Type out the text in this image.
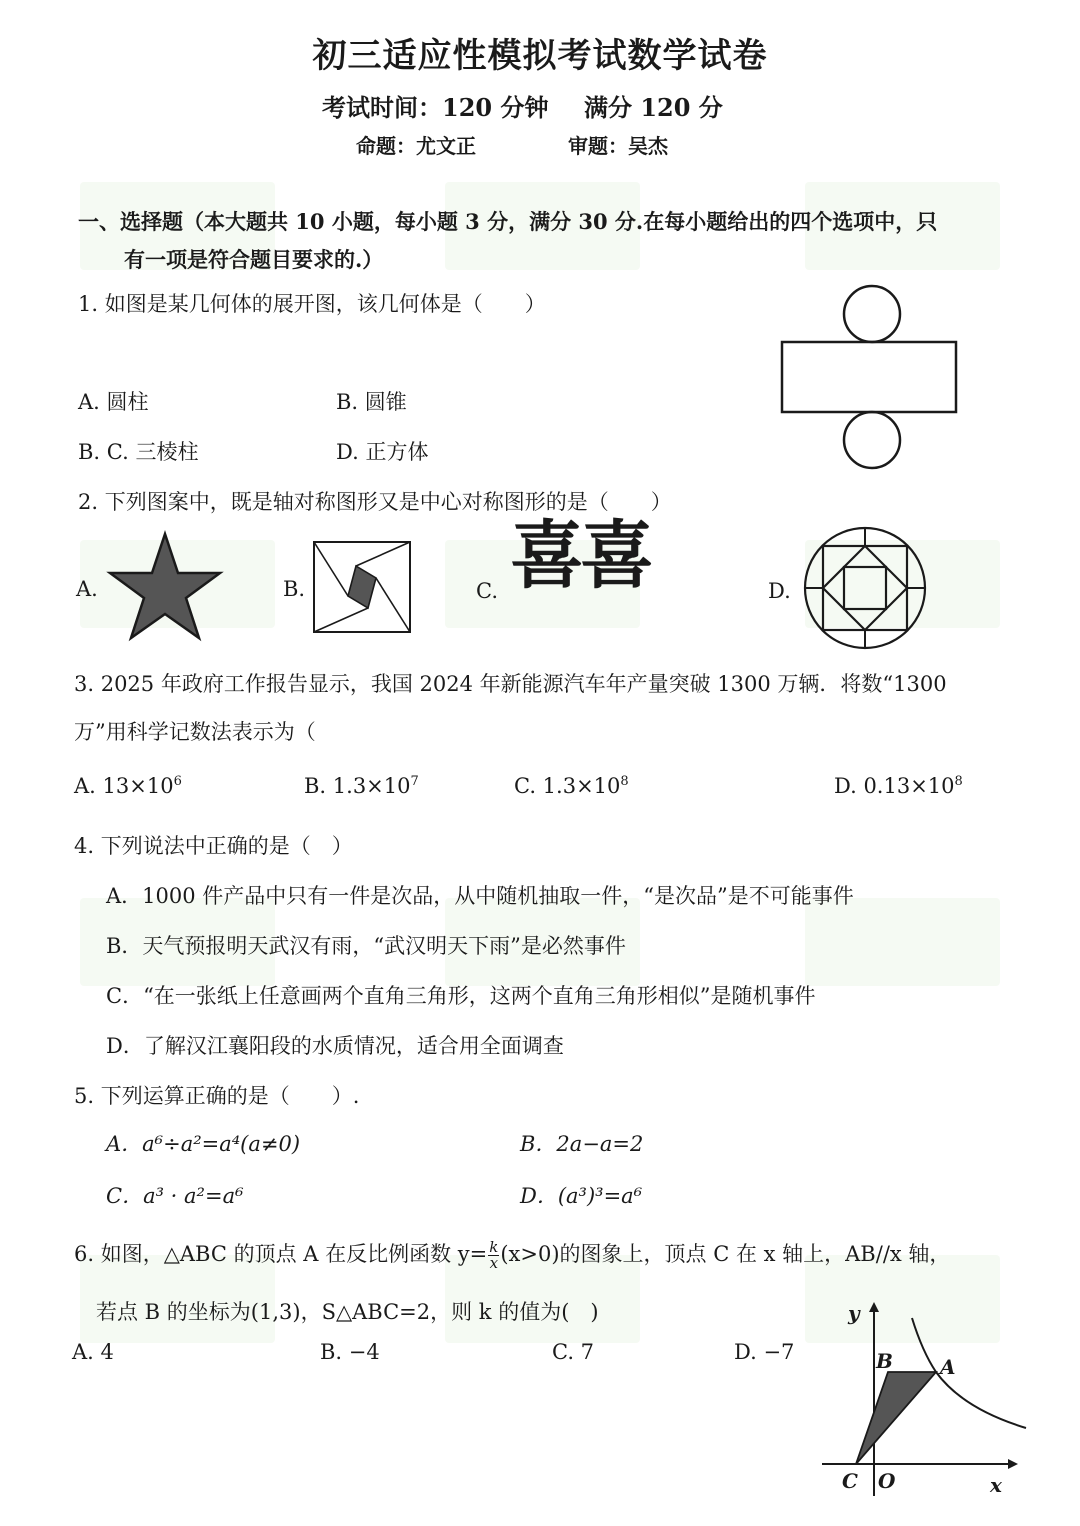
初三适应性模拟考试数学试卷
考试时间：120 分钟 满分 120 分
命题：尤文正	审题：吴杰
一、选择题（本大题共 10 小题，每小题 3 分，满分 30 分.在每小题给出的四个选项中，只
有一项是符合题目要求的.）
1. 如图是某几何体的展开图，该几何体是（　　）
A. 圆柱	B. 圆锥
B. C. 三棱柱	D. 正方体
2. 下列图案中，既是轴对称图形又是中心对称图形的是（　　）
A.	B.	C. 喜喜	D.
3. 2025 年政府工作报告显示，我国 2024 年新能源汽车年产量突破 1300 万辆．将数“1300
万”用科学记数法表示为（
A. $13\times 10^6$	B. $1.3\times 10^7$	C. $1.3\times 10^8$	D. $0.13\times 10^8$
4. 下列说法中正确的是（　）
A．1000 件产品中只有一件是次品，从中随机抽取一件，“是次品”是不可能事件
B．天气预报明天武汉有雨，“武汉明天下雨”是必然事件
C．“在一张纸上任意画两个直角三角形，这两个直角三角形相似”是随机事件
D．了解汉江襄阳段的水质情况，适合用全面调查
5. 下列运算正确的是（　　）.
A．a⁶÷a²=a⁴(a≠0)	B．2a−a=2
C．a³ · a²=a⁶	D．(a³)³=a⁶
6. 如图，△ABC 的顶点 A 在反比例函数 $y= \frac{k}{x} (x>0)$的图象上，顶点 C 在 x 轴上，AB//x 轴，
若点 B 的坐标为(1,3)，S△ABC=2，则 k 的值为(　)
A. 4	B. −4	C. 7	D. −7
y
x
O
A
B
C
